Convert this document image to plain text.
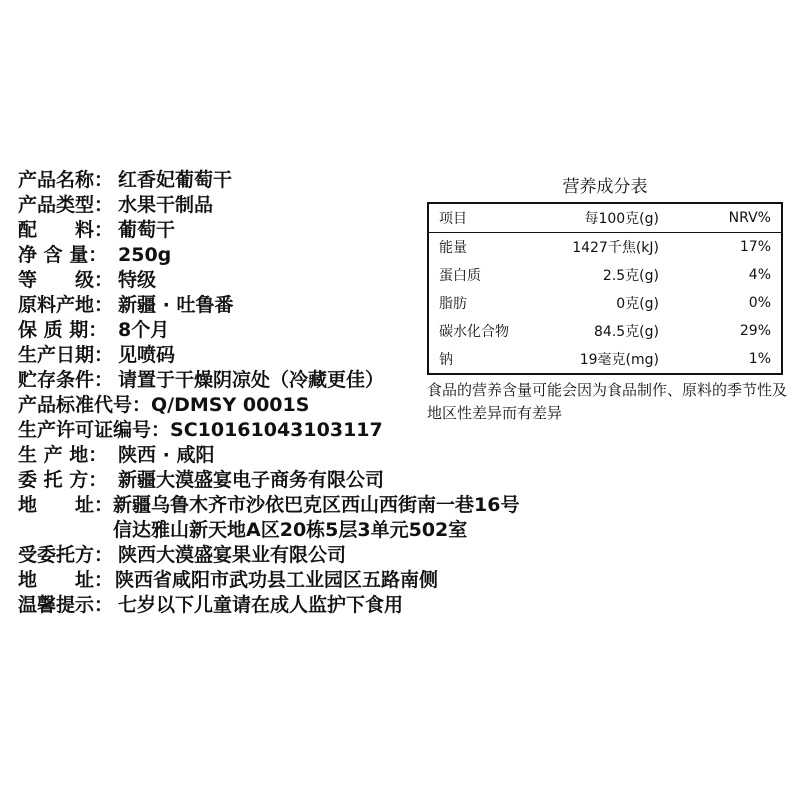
产品名称： 红香妃葡萄干
产品类型： 水果干制品
配　　料： 葡萄干
净 含 量： 250g
等　　级： 特级
原料产地： 新疆 · 吐鲁番
保 质 期： 8个月
生产日期： 见喷码
贮存条件： 请置于干燥阴凉处（冷藏更佳）
产品标准代号： Q/DMSY 0001S
生产许可证编号： SC10161043103117
生 产 地： 陕西 · 咸阳
委 托 方： 新疆大漠盛宴电子商务有限公司
地　　址： 新疆乌鲁木齐市沙依巴克区西山西街南一巷16号
信达雅山新天地A区20栋5层3单元502室
受委托方： 陕西大漠盛宴果业有限公司
地　　址： 陕西省咸阳市武功县工业园区五路南侧
温馨提示： 七岁以下儿童请在成人监护下食用
营养成分表
项目	每100克(g)	NRV%
能量	1427千焦(kJ)	17%
蛋白质	2.5克(g)	4%
脂肪	0克(g)	0%
碳水化合物	84.5克(g)	29%
钠	19毫克(mg)	1%
食品的营养含量可能会因为食品制作、原料的季节性及地区性差异而有差异
